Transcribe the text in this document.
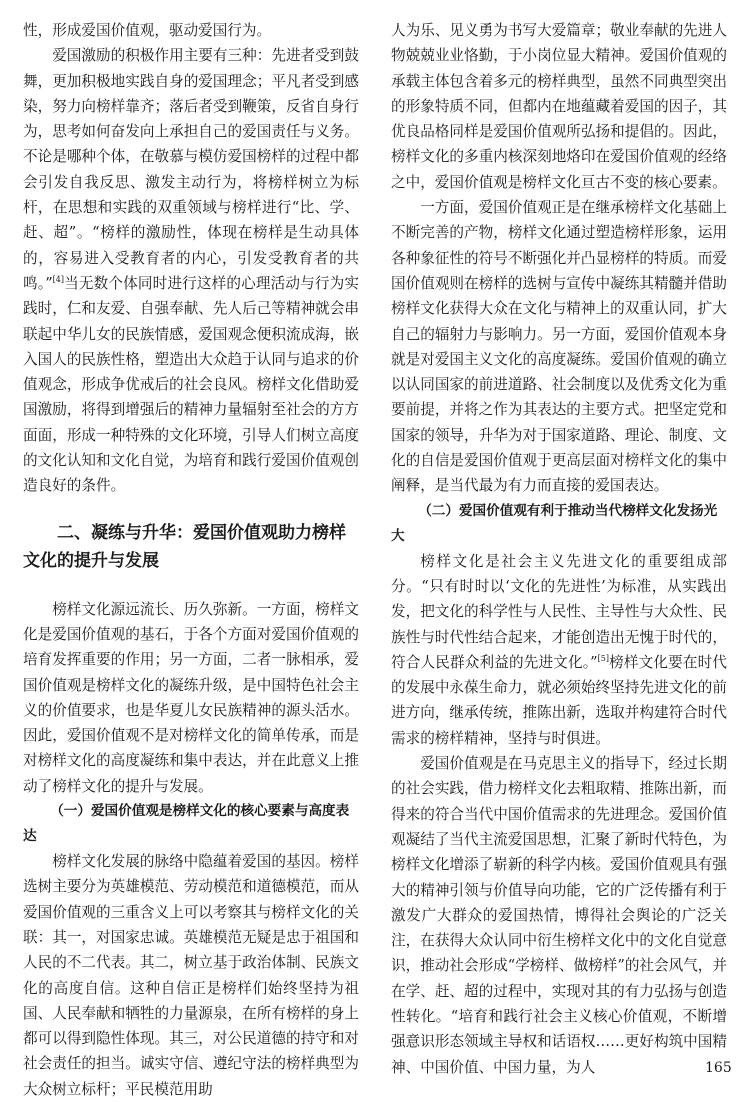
性，形成爱国价值观，驱动爱国行为。

爱国激励的积极作用主要有三种：先进者受到鼓舞，更加积极地实践自身的爱国理念；平凡者受到感染，努力向榜样靠齐；落后者受到鞭策，反省自身行为，思考如何奋发向上承担自己的爱国责任与义务。不论是哪种个体，在敬慕与模仿爱国榜样的过程中都会引发自我反思、激发主动行为，将榜样树立为标杆，在思想和实践的双重领域与榜样进行“比、学、赶、超”。“榜样的激励性，体现在榜样是生动具体的，容易进入受教育者的内心，引发受教育者的共鸣。”[4]当无数个体同时进行这样的心理活动与行为实践时，仁和友爱、自强奉献、先人后己等精神就会串联起中华儿女的民族情感，爱国观念便积流成海，嵌入国人的民族性格，塑造出大众趋于认同与追求的价值观念，形成争优戒后的社会良风。榜样文化借助爱国激励，将得到增强后的精神力量辐射至社会的方方面面，形成一种特殊的文化环境，引导人们树立高度的文化认知和文化自觉，为培育和践行爱国价值观创造良好的条件。

二、凝练与升华：爱国价值观助力榜样文化的提升与发展

榜样文化源远流长、历久弥新。一方面，榜样文化是爱国价值观的基石，于各个方面对爱国价值观的培育发挥重要的作用；另一方面，二者一脉相承，爱国价值观是榜样文化的凝练升级，是中国特色社会主义的价值要求，也是华夏儿女民族精神的源头活水。因此，爱国价值观不是对榜样文化的简单传承，而是对榜样文化的高度凝练和集中表达，并在此意义上推动了榜样文化的提升与发展。

（一）爱国价值观是榜样文化的核心要素与高度表达

榜样文化发展的脉络中隐蕴着爱国的基因。榜样选树主要分为英雄模范、劳动模范和道德模范，而从爱国价值观的三重含义上可以考察其与榜样文化的关联：其一，对国家忠诚。英雄模范无疑是忠于祖国和人民的不二代表。其二，树立基于政治体制、民族文化的高度自信。这种自信正是榜样们始终坚持为祖国、人民奉献和牺牲的力量源泉，在所有榜样的身上都可以得到隐性体现。其三，对公民道德的持守和对社会责任的担当。诚实守信、遵纪守法的榜样典型为大众树立标杆；平民模范用助

人为乐、见义勇为书写大爱篇章；敬业奉献的先进人物兢兢业业恪勤，于小岗位显大精神。爱国价值观的承载主体包含着多元的榜样典型，虽然不同典型突出的形象特质不同，但都内在地蕴藏着爱国的因子，其优良品格同样是爱国价值观所弘扬和提倡的。因此，榜样文化的多重内核深刻地烙印在爱国价值观的经络之中，爱国价值观是榜样文化亘古不变的核心要素。

一方面，爱国价值观正是在继承榜样文化基础上不断完善的产物，榜样文化通过塑造榜样形象，运用各种象征性的符号不断强化并凸显榜样的特质。而爱国价值观则在榜样的选树与宣传中凝练其精髓并借助榜样文化获得大众在文化与精神上的双重认同，扩大自己的辐射力与影响力。另一方面，爱国价值观本身就是对爱国主义文化的高度凝练。爱国价值观的确立以认同国家的前进道路、社会制度以及优秀文化为重要前提，并将之作为其表达的主要方式。把坚定党和国家的领导，升华为对于国家道路、理论、制度、文化的自信是爱国价值观于更高层面对榜样文化的集中阐释，是当代最为有力而直接的爱国表达。

（二）爱国价值观有利于推动当代榜样文化发扬光大

榜样文化是社会主义先进文化的重要组成部分。“只有时时以‘文化的先进性’为标准，从实践出发，把文化的科学性与人民性、主导性与大众性、民族性与时代性结合起来，才能创造出无愧于时代的，符合人民群众利益的先进文化。”[5]榜样文化要在时代的发展中永葆生命力，就必须始终坚持先进文化的前进方向，继承传统，推陈出新，选取并构建符合时代需求的榜样精神，坚持与时俱进。

爱国价值观是在马克思主义的指导下，经过长期的社会实践，借力榜样文化去粗取精、推陈出新，而得来的符合当代中国价值需求的先进理念。爱国价值观凝结了当代主流爱国思想，汇聚了新时代特色，为榜样文化增添了崭新的科学内核。爱国价值观具有强大的精神引领与价值导向功能，它的广泛传播有利于激发广大群众的爱国热情，博得社会舆论的广泛关注，在获得大众认同中衍生榜样文化中的文化自觉意识，推动社会形成“学榜样、做榜样”的社会风气，并在学、赶、超的过程中，实现对其的有力弘扬与创造性转化。“培育和践行社会主义核心价值观，不断增强意识形态领域主导权和话语权……更好构筑中国精神、中国价值、中国力量，为人	165
